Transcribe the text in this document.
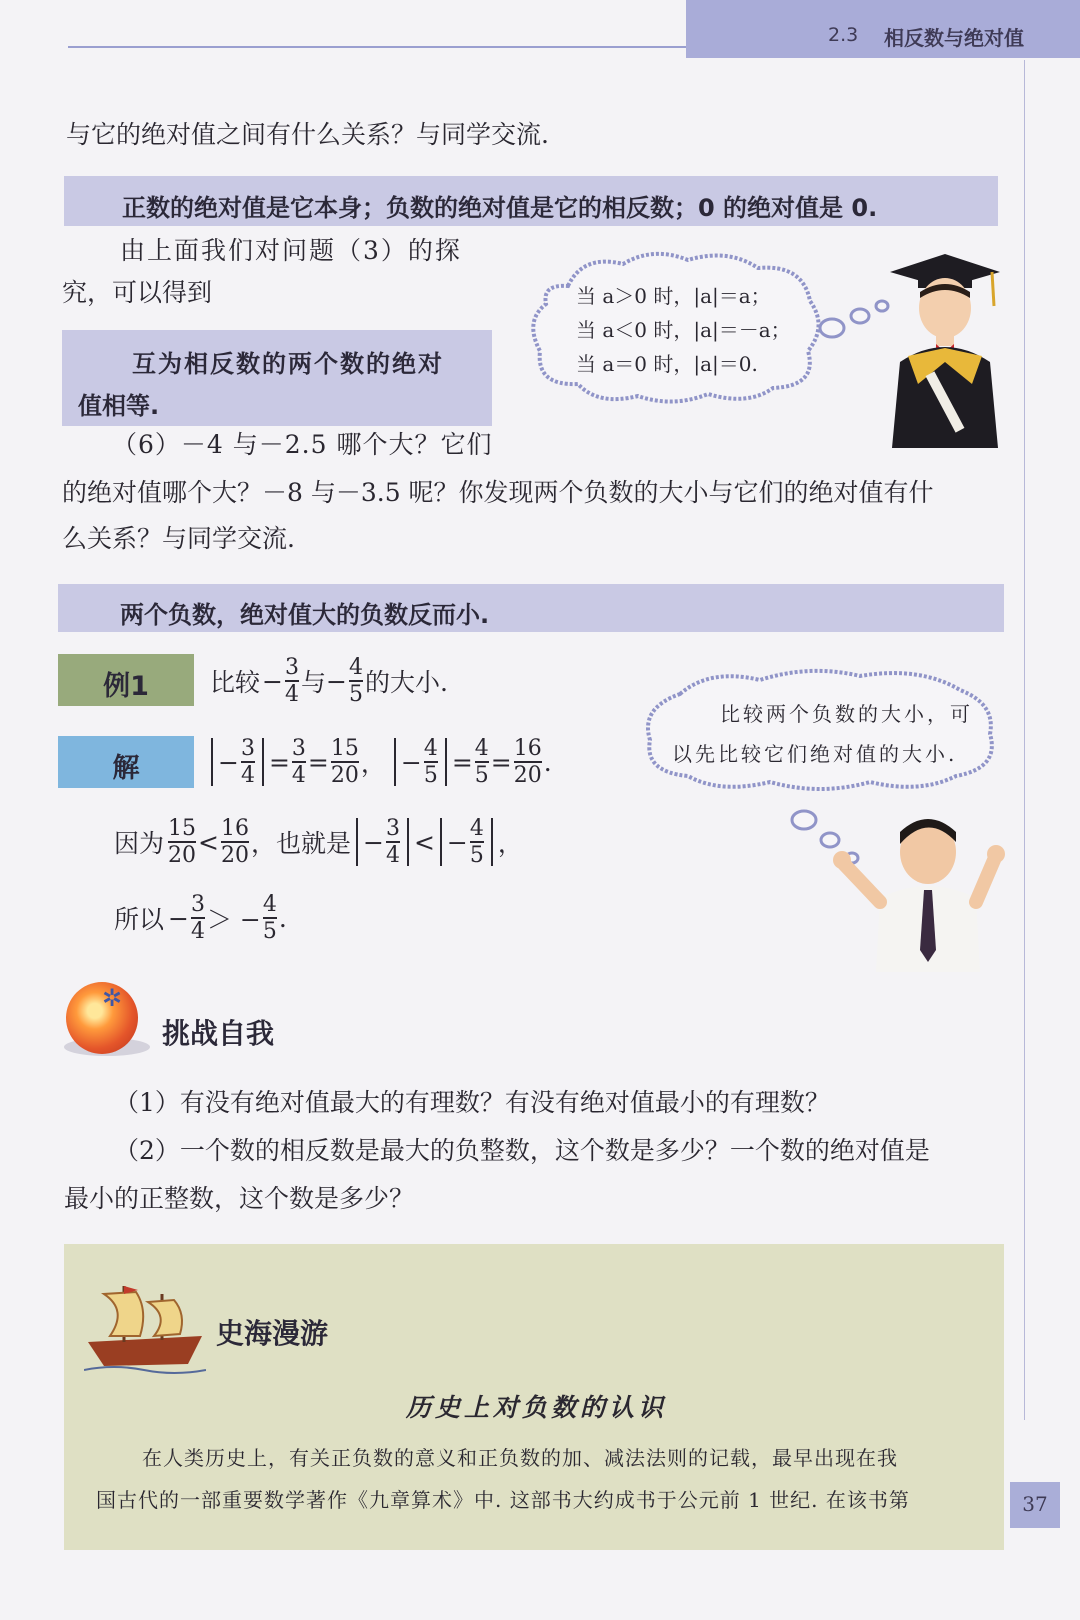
2.3 相反数与绝对值
与它的绝对值之间有什么关系？与同学交流.
正数的绝对值是它本身；负数的绝对值是它的相反数；0 的绝对值是 0.
由上面我们对问题（3）的探
究，可以得到
互为相反数的两个数的绝对
值相等.
当 a＞0 时，|a|＝a；
当 a＜0 时，|a|＝－a；
当 a＝0 时，|a|＝0.
（6）－4 与－2.5 哪个大？它们
的绝对值哪个大？－8 与－3.5 呢？你发现两个负数的大小与它们的绝对值有什
么关系？与同学交流.
两个负数，绝对值大的负数反而小.
例1	比较 − $\frac{3}{4}$ 与 − $\frac{4}{5}$ 的大小.
解	− $\frac{3}{4} = \frac{3}{4} = \frac{15}{20}$ ，
− $\frac{4}{5} = \frac{4}{5} = \frac{16}{20}$ .
因为 $\frac{15}{20} < \frac{16}{20}$ ，也就是 − $\frac{3}{4}$ < − $\frac{4}{5}$ ，
所以 − $\frac{3}{4}$ ＞ − $\frac{4}{5}$ .
比较两个负数的大小，可
以先比较它们绝对值的大小.
✲
挑战自我
（1）有没有绝对值最大的有理数？有没有绝对值最小的有理数？
（2）一个数的相反数是最大的负整数，这个数是多少？一个数的绝对值是
最小的正整数，这个数是多少？
史海漫游
历史上对负数的认识
在人类历史上，有关正负数的意义和正负数的加、减法法则的记载，最早出现在我
国古代的一部重要数学著作《九章算术》中. 这部书大约成书于公元前 1 世纪. 在该书第	37
